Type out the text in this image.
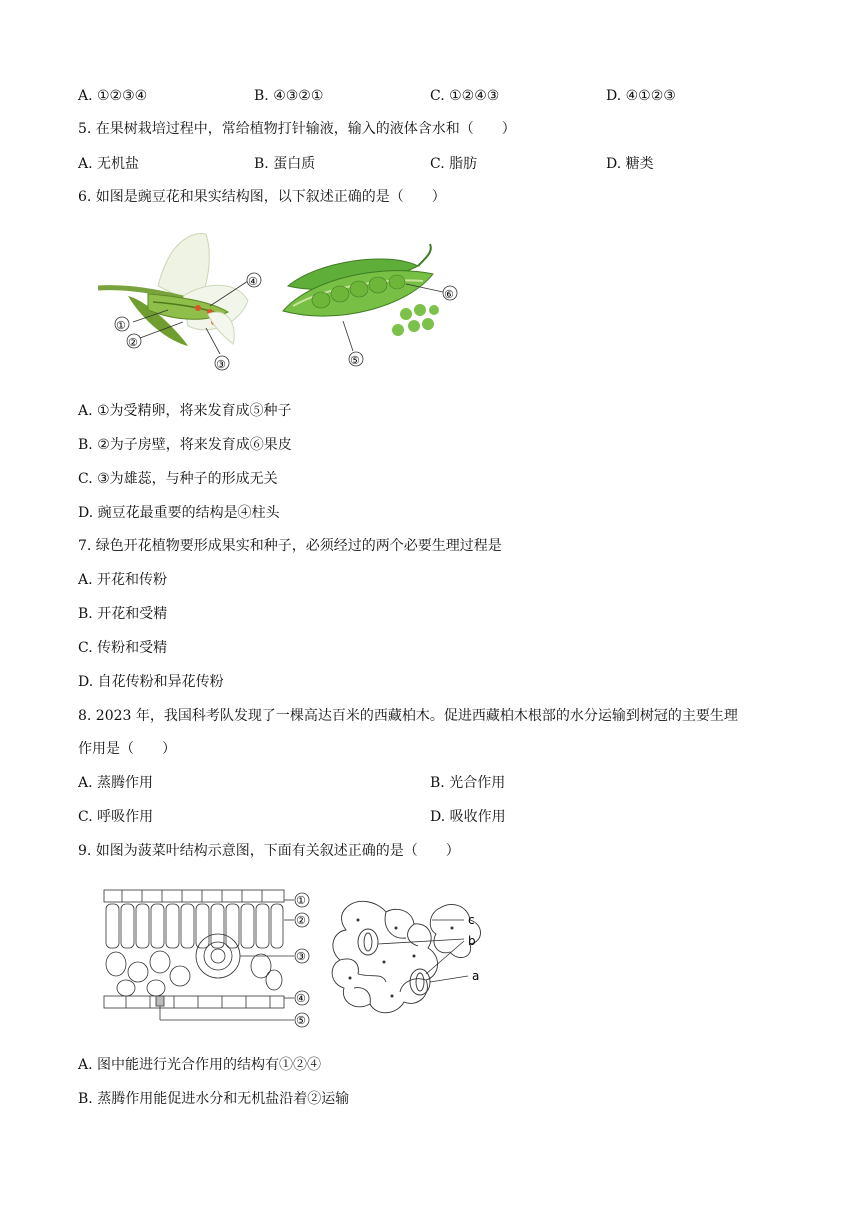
A. ①②③④	B. ④③②①	C. ①②④③	D. ④①②③
5. 在果树栽培过程中，常给植物打针输液，输入的液体含水和（　　）
A. 无机盐	B. 蛋白质	C. 脂肪	D. 糖类
6. 如图是豌豆花和果实结构图，以下叙述正确的是（　　）
④
①
②
③
⑥
⑤
A. ①为受精卵，将来发育成⑤种子
B. ②为子房壁，将来发育成⑥果皮
C. ③为雄蕊，与种子的形成无关
D. 豌豆花最重要的结构是④柱头
7. 绿色开花植物要形成果实和种子，必须经过的两个必要生理过程是
A. 开花和传粉
B. 开花和受精
C. 传粉和受精
D. 自花传粉和异花传粉
8. 2023 年，我国科考队发现了一棵高达百米的西藏柏木。促进西藏柏木根部的水分运输到树冠的主要生理
作用是（　　）
A. 蒸腾作用	B. 光合作用
C. 呼吸作用	D. 吸收作用
9. 如图为菠菜叶结构示意图，下面有关叙述正确的是（　　）
①
②
③
④
⑤
c
b
a
A. 图中能进行光合作用的结构有①②④
B. 蒸腾作用能促进水分和无机盐沿着②运输
